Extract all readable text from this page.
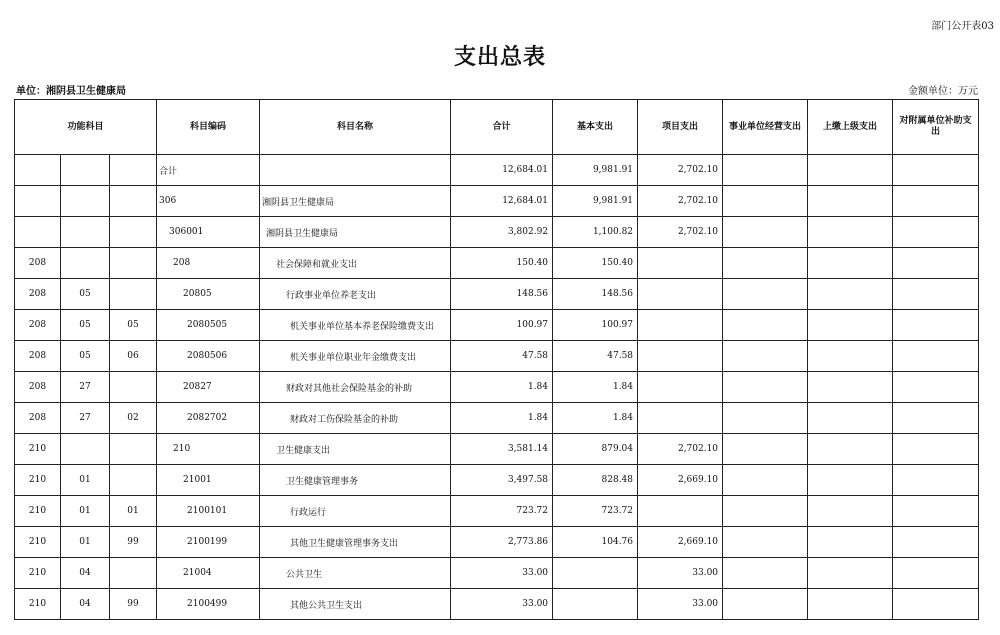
部门公开表03
支出总表
单位：湘阴县卫生健康局	金额单位：万元
功能科目			科目编码	科目名称	合计	基本支出	项目支出	事业单位经营支出	上缴上级支出	对附属单位补助支出
			合计		12,684.01	9,981.91	2,702.10			
			306	湘阴县卫生健康局	12,684.01	9,981.91	2,702.10			
			306001	湘阴县卫生健康局	3,802.92	1,100.82	2,702.10			
208			208	社会保障和就业支出	150.40	150.40				
208	05		20805	行政事业单位养老支出	148.56	148.56				
208	05	05	2080505	机关事业单位基本养老保险缴费支出	100.97	100.97				
208	05	06	2080506	机关事业单位职业年金缴费支出	47.58	47.58				
208	27		20827	财政对其他社会保险基金的补助	1.84	1.84				
208	27	02	2082702	财政对工伤保险基金的补助	1.84	1.84				
210			210	卫生健康支出	3,581.14	879.04	2,702.10			
210	01		21001	卫生健康管理事务	3,497.58	828.48	2,669.10			
210	01	01	2100101	行政运行	723.72	723.72				
210	01	99	2100199	其他卫生健康管理事务支出	2,773.86	104.76	2,669.10			
210	04		21004	公共卫生	33.00		33.00			
210	04	99	2100499	其他公共卫生支出	33.00		33.00			
